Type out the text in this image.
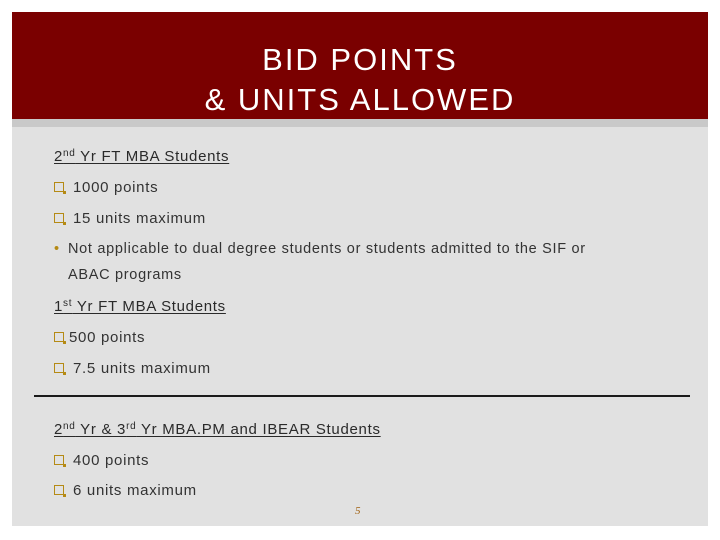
BID POINTS
& UNITS ALLOWED
2nd Yr FT MBA Students
1000 points
15 units maximum
• Not applicable to dual degree students or students admitted to the SIF or
ABAC programs
1st Yr FT MBA Students
500 points
7.5 units maximum
2nd Yr & 3rd Yr MBA.PM and IBEAR Students
400 points
6 units maximum
5
